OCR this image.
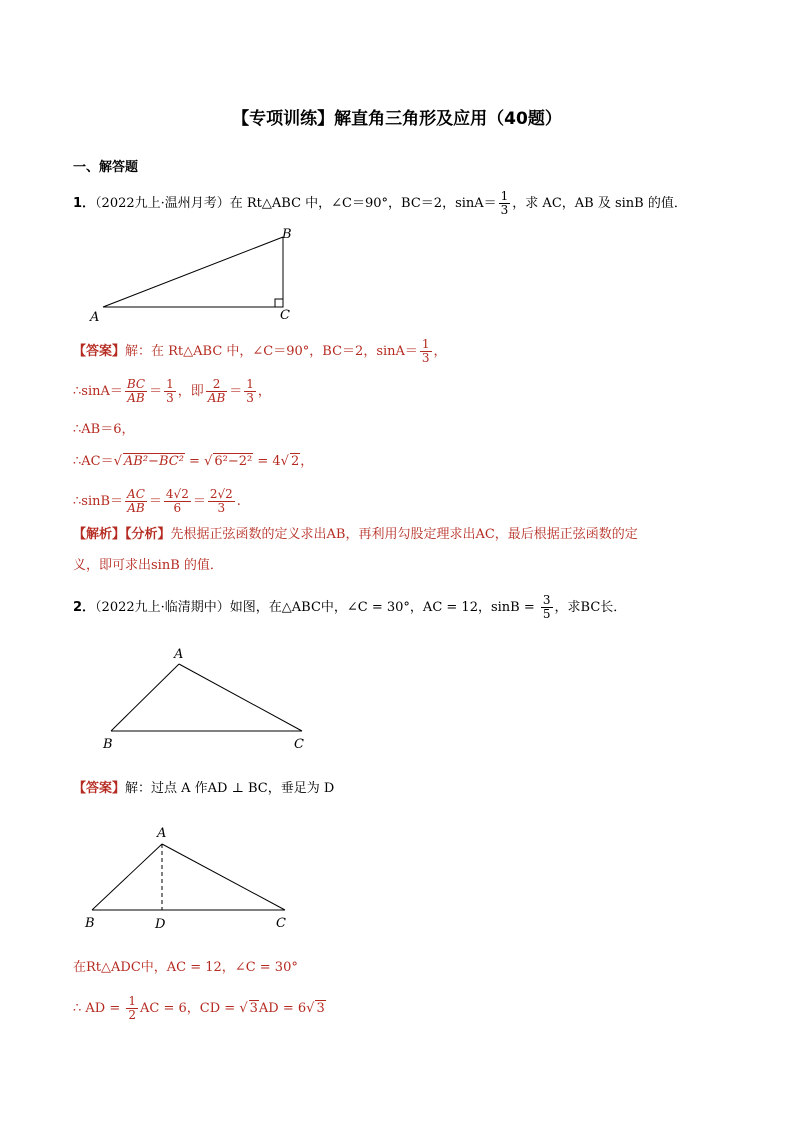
【专项训练】解直角三角形及应用（40题）
一、解答题
1．（2022九上·温州月考）在 Rt△ABC 中，∠C＝90°，BC＝2，$\sin A= \frac{1}{3}$ ，求 AC，AB 及 sinB 的值．
A
B
C
【答案】解：在 Rt△ABC 中，∠C＝90°，BC＝2，$\sin A= \frac{1}{3}$ ，
∴sinA＝ $\frac{BC}{AB} = \frac{1}{3}$ ，即 $\frac{2}{AB} = \frac{1}{3}$ ，
∴AB＝6，
∴AC＝ √ AB²−BC² = √ 6²−2² = 4 √ 2，
∴sinB＝ $\frac{AC}{AB} = \frac{4√2}{6} = \frac{2√2}{3}$ .
【解析】【分析】先根据正弦函数的定义求出AB，再利用勾股定理求出AC，最后根据正弦函数的定
义，即可求出sinB 的值．
2．（2022九上·临清期中）如图，在△ABC中，∠C = 30°，AC = 12，$\sin B = \frac{3}{5}$ ，求BC长．
A
B	C
【答案】解：过点 A 作AD ⊥ BC，垂足为 D
A
B	D	C
在Rt△ADC中，AC = 12，∠C = 30°
∴ AD = $\frac{1}{2}$ AC = 6，CD = √ 3AD = 6 √ 3
